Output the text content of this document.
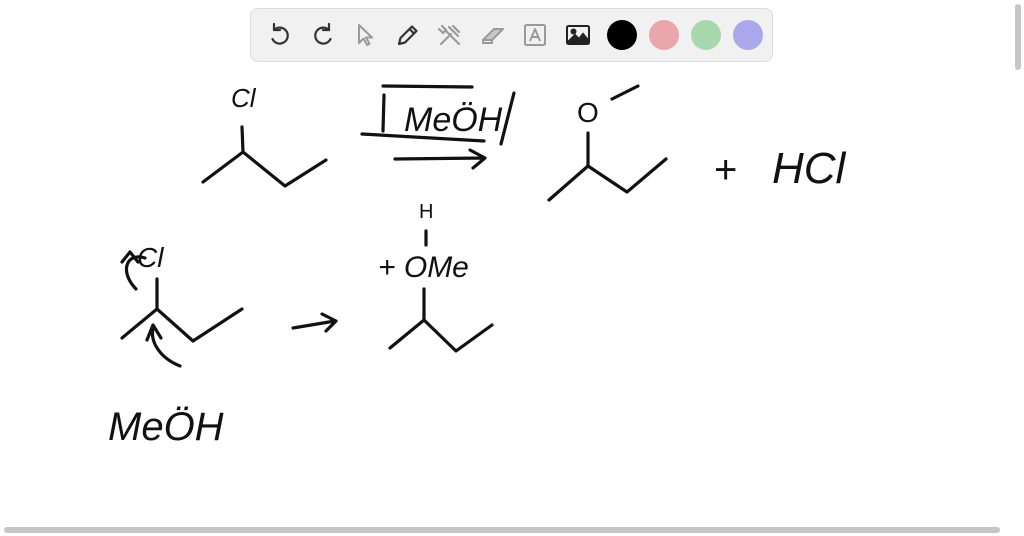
Cl
MeÖH	O
+ HCl
Cl
H
+ OMe
MeÖH
